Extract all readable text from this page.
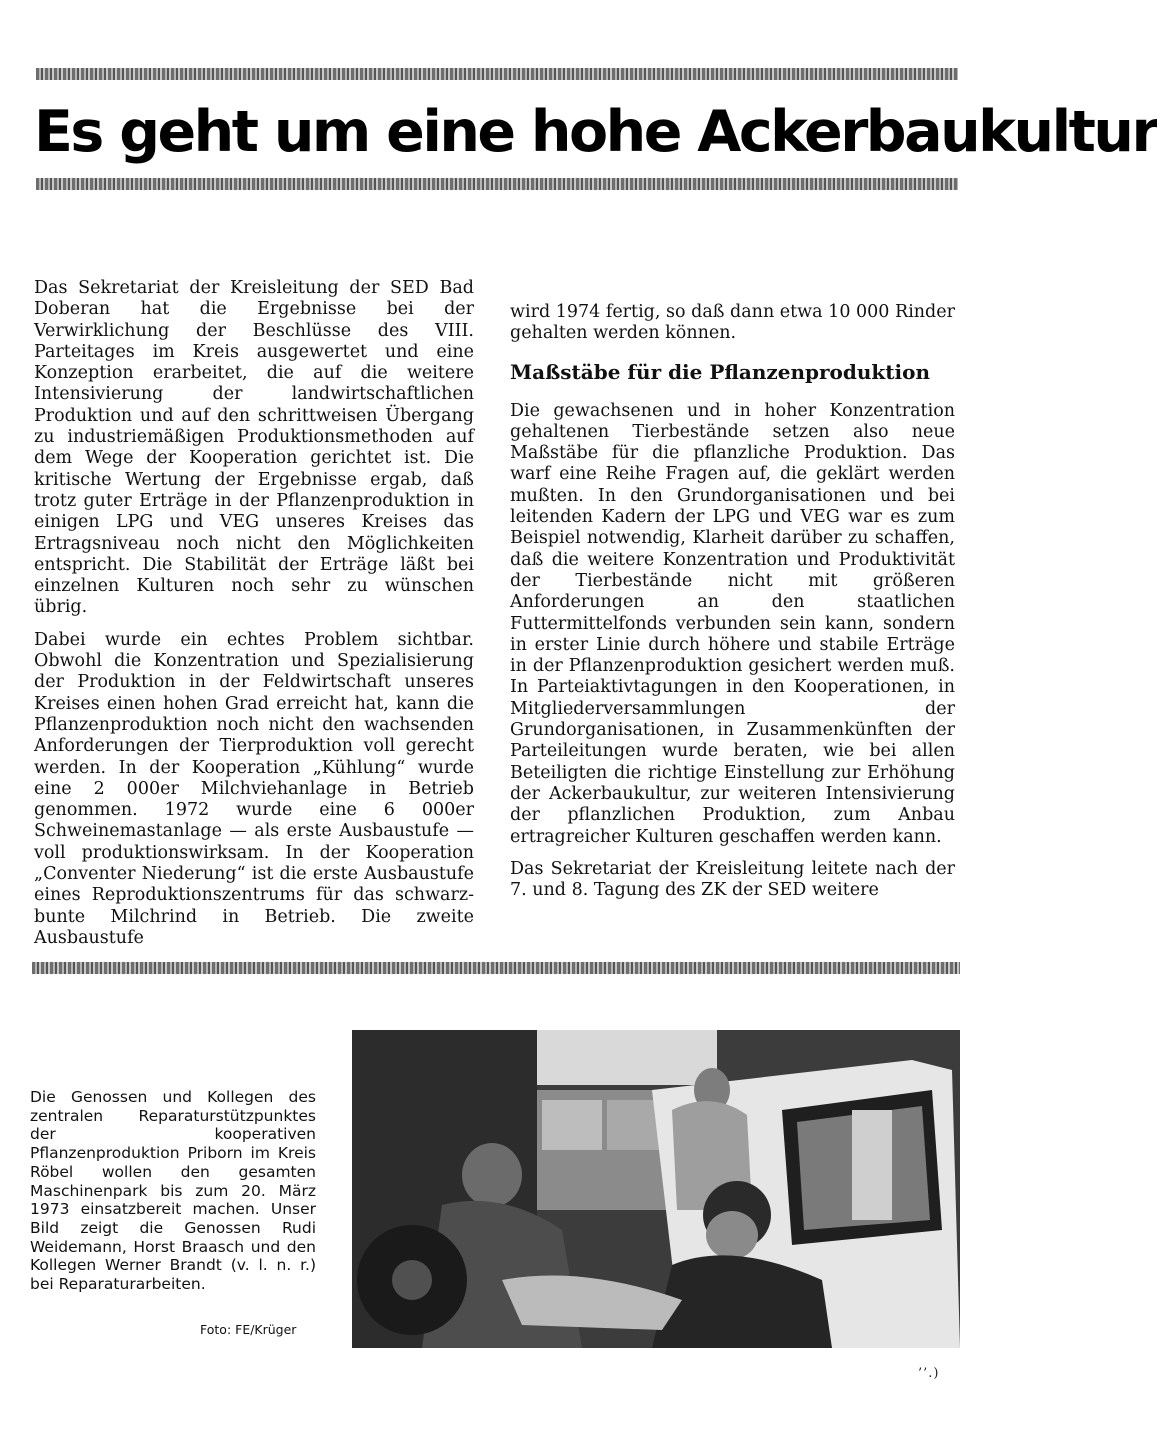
Es geht um eine hohe Ackerbaukultur

Das Sekretariat der Kreisleitung der SED Bad Doberan hat die Ergebnisse bei der Verwirklichung der Beschlüsse des VIII. Parteitages im Kreis ausgewertet und eine Konzeption erarbeitet, die auf die weitere Intensivierung der landwirtschaftlichen Produktion und auf den schrittweisen Übergang zu industriemäßigen Produktionsmethoden auf dem Wege der Kooperation gerichtet ist. Die kritische Wertung der Ergebnisse ergab, daß trotz guter Erträge in der Pflanzenproduktion in einigen LPG und VEG unseres Kreises das Ertragsniveau noch nicht den Möglichkeiten entspricht. Die Stabilität der Erträge läßt bei einzelnen Kulturen noch sehr zu wünschen übrig.

Dabei wurde ein echtes Problem sichtbar. Obwohl die Konzentration und Spezialisierung der Produktion in der Feldwirtschaft unseres Kreises einen hohen Grad erreicht hat, kann die Pflanzenproduktion noch nicht den wachsenden Anforderungen der Tierproduktion voll gerecht werden. In der Kooperation „Kühlung“ wurde eine 2 000er Milchviehanlage in Betrieb genommen. 1972 wurde eine 6 000er Schweinemastanlage — als erste Ausbaustufe — voll produktionswirksam. In der Kooperation „Conventer Niederung“ ist die erste Ausbaustufe eines Reproduktionszentrums für das schwarz-bunte Milchrind in Betrieb. Die zweite Ausbaustufe

wird 1974 fertig, so daß dann etwa 10 000 Rinder gehalten werden können.

Maßstäbe für die Pflanzenproduktion

Die gewachsenen und in hoher Konzentration gehaltenen Tierbestände setzen also neue Maßstäbe für die pflanzliche Produktion. Das warf eine Reihe Fragen auf, die geklärt werden mußten. In den Grundorganisationen und bei leitenden Kadern der LPG und VEG war es zum Beispiel notwendig, Klarheit darüber zu schaffen, daß die weitere Konzentration und Produktivität der Tierbestände nicht mit größeren Anforderungen an den staatlichen Futtermittelfonds verbunden sein kann, sondern in erster Linie durch höhere und stabile Erträge in der Pflanzenproduktion gesichert werden muß. In Parteiaktivtagungen in den Kooperationen, in Mitgliederversammlungen der Grundorganisationen, in Zusammenkünften der Parteileitungen wurde beraten, wie bei allen Beteiligten die richtige Einstellung zur Erhöhung der Ackerbaukultur, zur weiteren Intensivierung der pflanzlichen Produktion, zum Anbau ertragreicher Kulturen geschaffen werden kann.

Das Sekretariat der Kreisleitung leitete nach der 7. und 8. Tagung des ZK der SED weitere

Die Genossen und Kollegen des zentralen Reparaturstützpunktes der kooperativen Pflanzenproduktion Priborn im Kreis Röbel wollen den gesamten Maschinenpark bis zum 20. März 1973 einsatzbereit machen. Unser Bild zeigt die Genossen Rudi Weidemann, Horst Braasch und den Kollegen Werner Brandt (v. l. n. r.) bei Reparaturarbeiten.

Foto: FE/Krüger
’’.)
